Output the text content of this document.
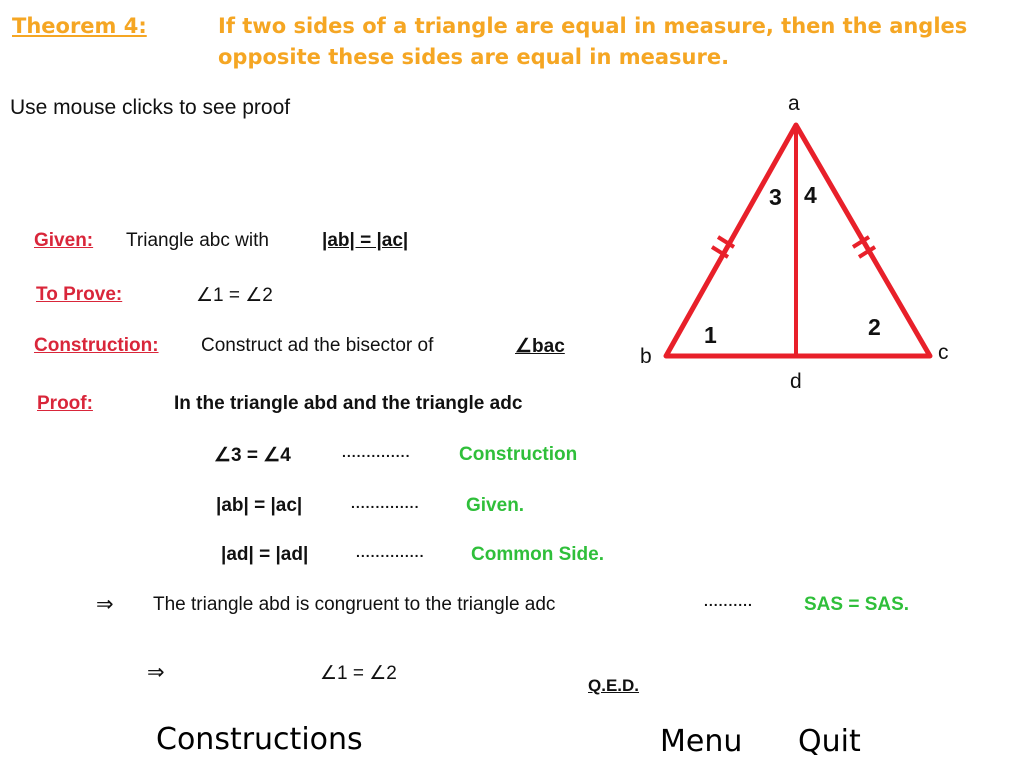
Theorem 4:	If two sides of a triangle are equal in measure, then the angles
opposite these sides are equal in measure.
Use mouse clicks to see proof
Given: Triangle abc with	|ab| = |ac|
To Prove:	∠1 = ∠2
Construction: Construct ad the bisector of	∠bac
Proof:	In the triangle abd and the triangle adc
∠3 = ∠4	..............	Construction
|ab| = |ac|	.............. Given.
|ad| = |ad|	.............. Common Side.
⇒ The triangle abd is congruent to the triangle adc	..........	SAS = SAS.
⇒	∠1 = ∠2
Q.E.D.
a
b	c
d
3 4
1	2
Constructions	Menu Quit
